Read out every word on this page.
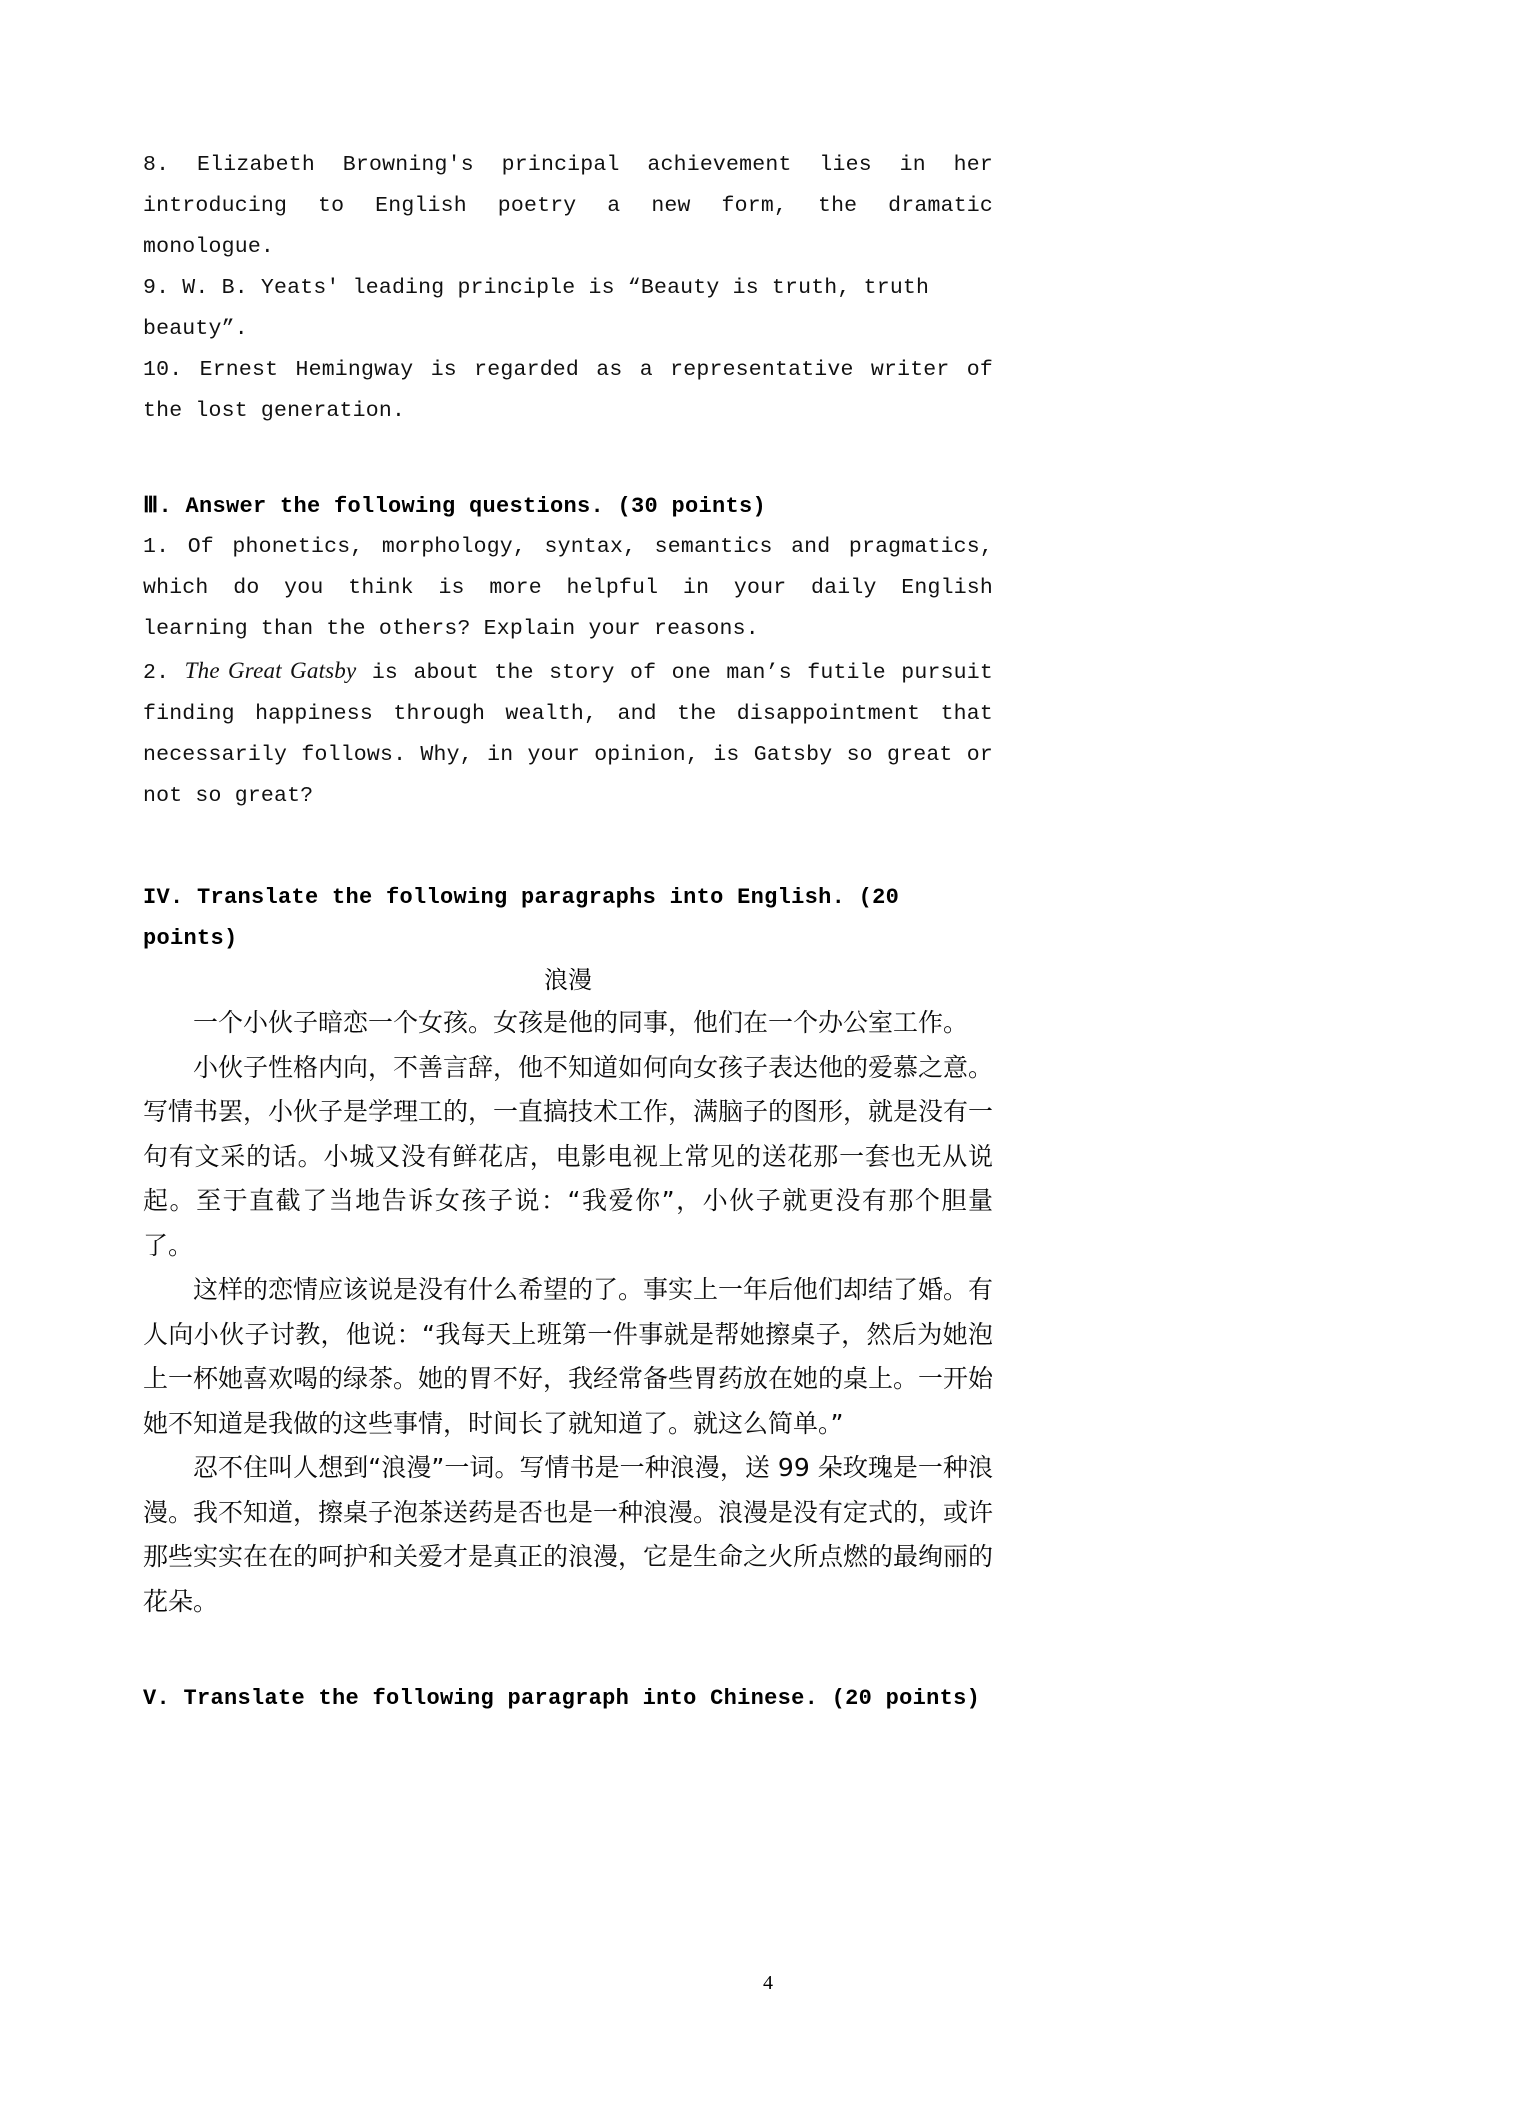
8. Elizabeth Browning's principal achievement lies in her introducing to English poetry a new form, the dramatic monologue.

9. W. B. Yeats' leading principle is “Beauty is truth, truth beauty”.

10. Ernest Hemingway is regarded as a representative writer of the lost generation.

Ⅲ. Answer the following questions. (30 points)

1. Of phonetics, morphology, syntax, semantics and pragmatics, which do you think is more helpful in your daily English learning than the others? Explain your reasons.

2. The Great Gatsby is about the story of one man’s futile pursuit finding happiness through wealth, and the disappointment that necessarily follows. Why, in your opinion, is Gatsby so great or not so great?

IV. Translate the following paragraphs into English. (20 points)

浪漫

一个小伙子暗恋一个女孩。女孩是他的同事，他们在一个办公室工作。

小伙子性格内向，不善言辞，他不知道如何向女孩子表达他的爱慕之意。写情书罢，小伙子是学理工的，一直搞技术工作，满脑子的图形，就是没有一句有文采的话。小城又没有鲜花店，电影电视上常见的送花那一套也无从说起。至于直截了当地告诉女孩子说：“我爱你”，小伙子就更没有那个胆量了。

这样的恋情应该说是没有什么希望的了。事实上一年后他们却结了婚。有人向小伙子讨教，他说：“我每天上班第一件事就是帮她擦桌子，然后为她泡上一杯她喜欢喝的绿茶。她的胃不好，我经常备些胃药放在她的桌上。一开始她不知道是我做的这些事情，时间长了就知道了。就这么简单。”

忍不住叫人想到“浪漫”一词。写情书是一种浪漫，送 99 朵玫瑰是一种浪漫。我不知道，擦桌子泡茶送药是否也是一种浪漫。浪漫是没有定式的，或许那些实实在在的呵护和关爱才是真正的浪漫，它是生命之火所点燃的最绚丽的花朵。

V. Translate the following paragraph into Chinese. (20 points)
4
